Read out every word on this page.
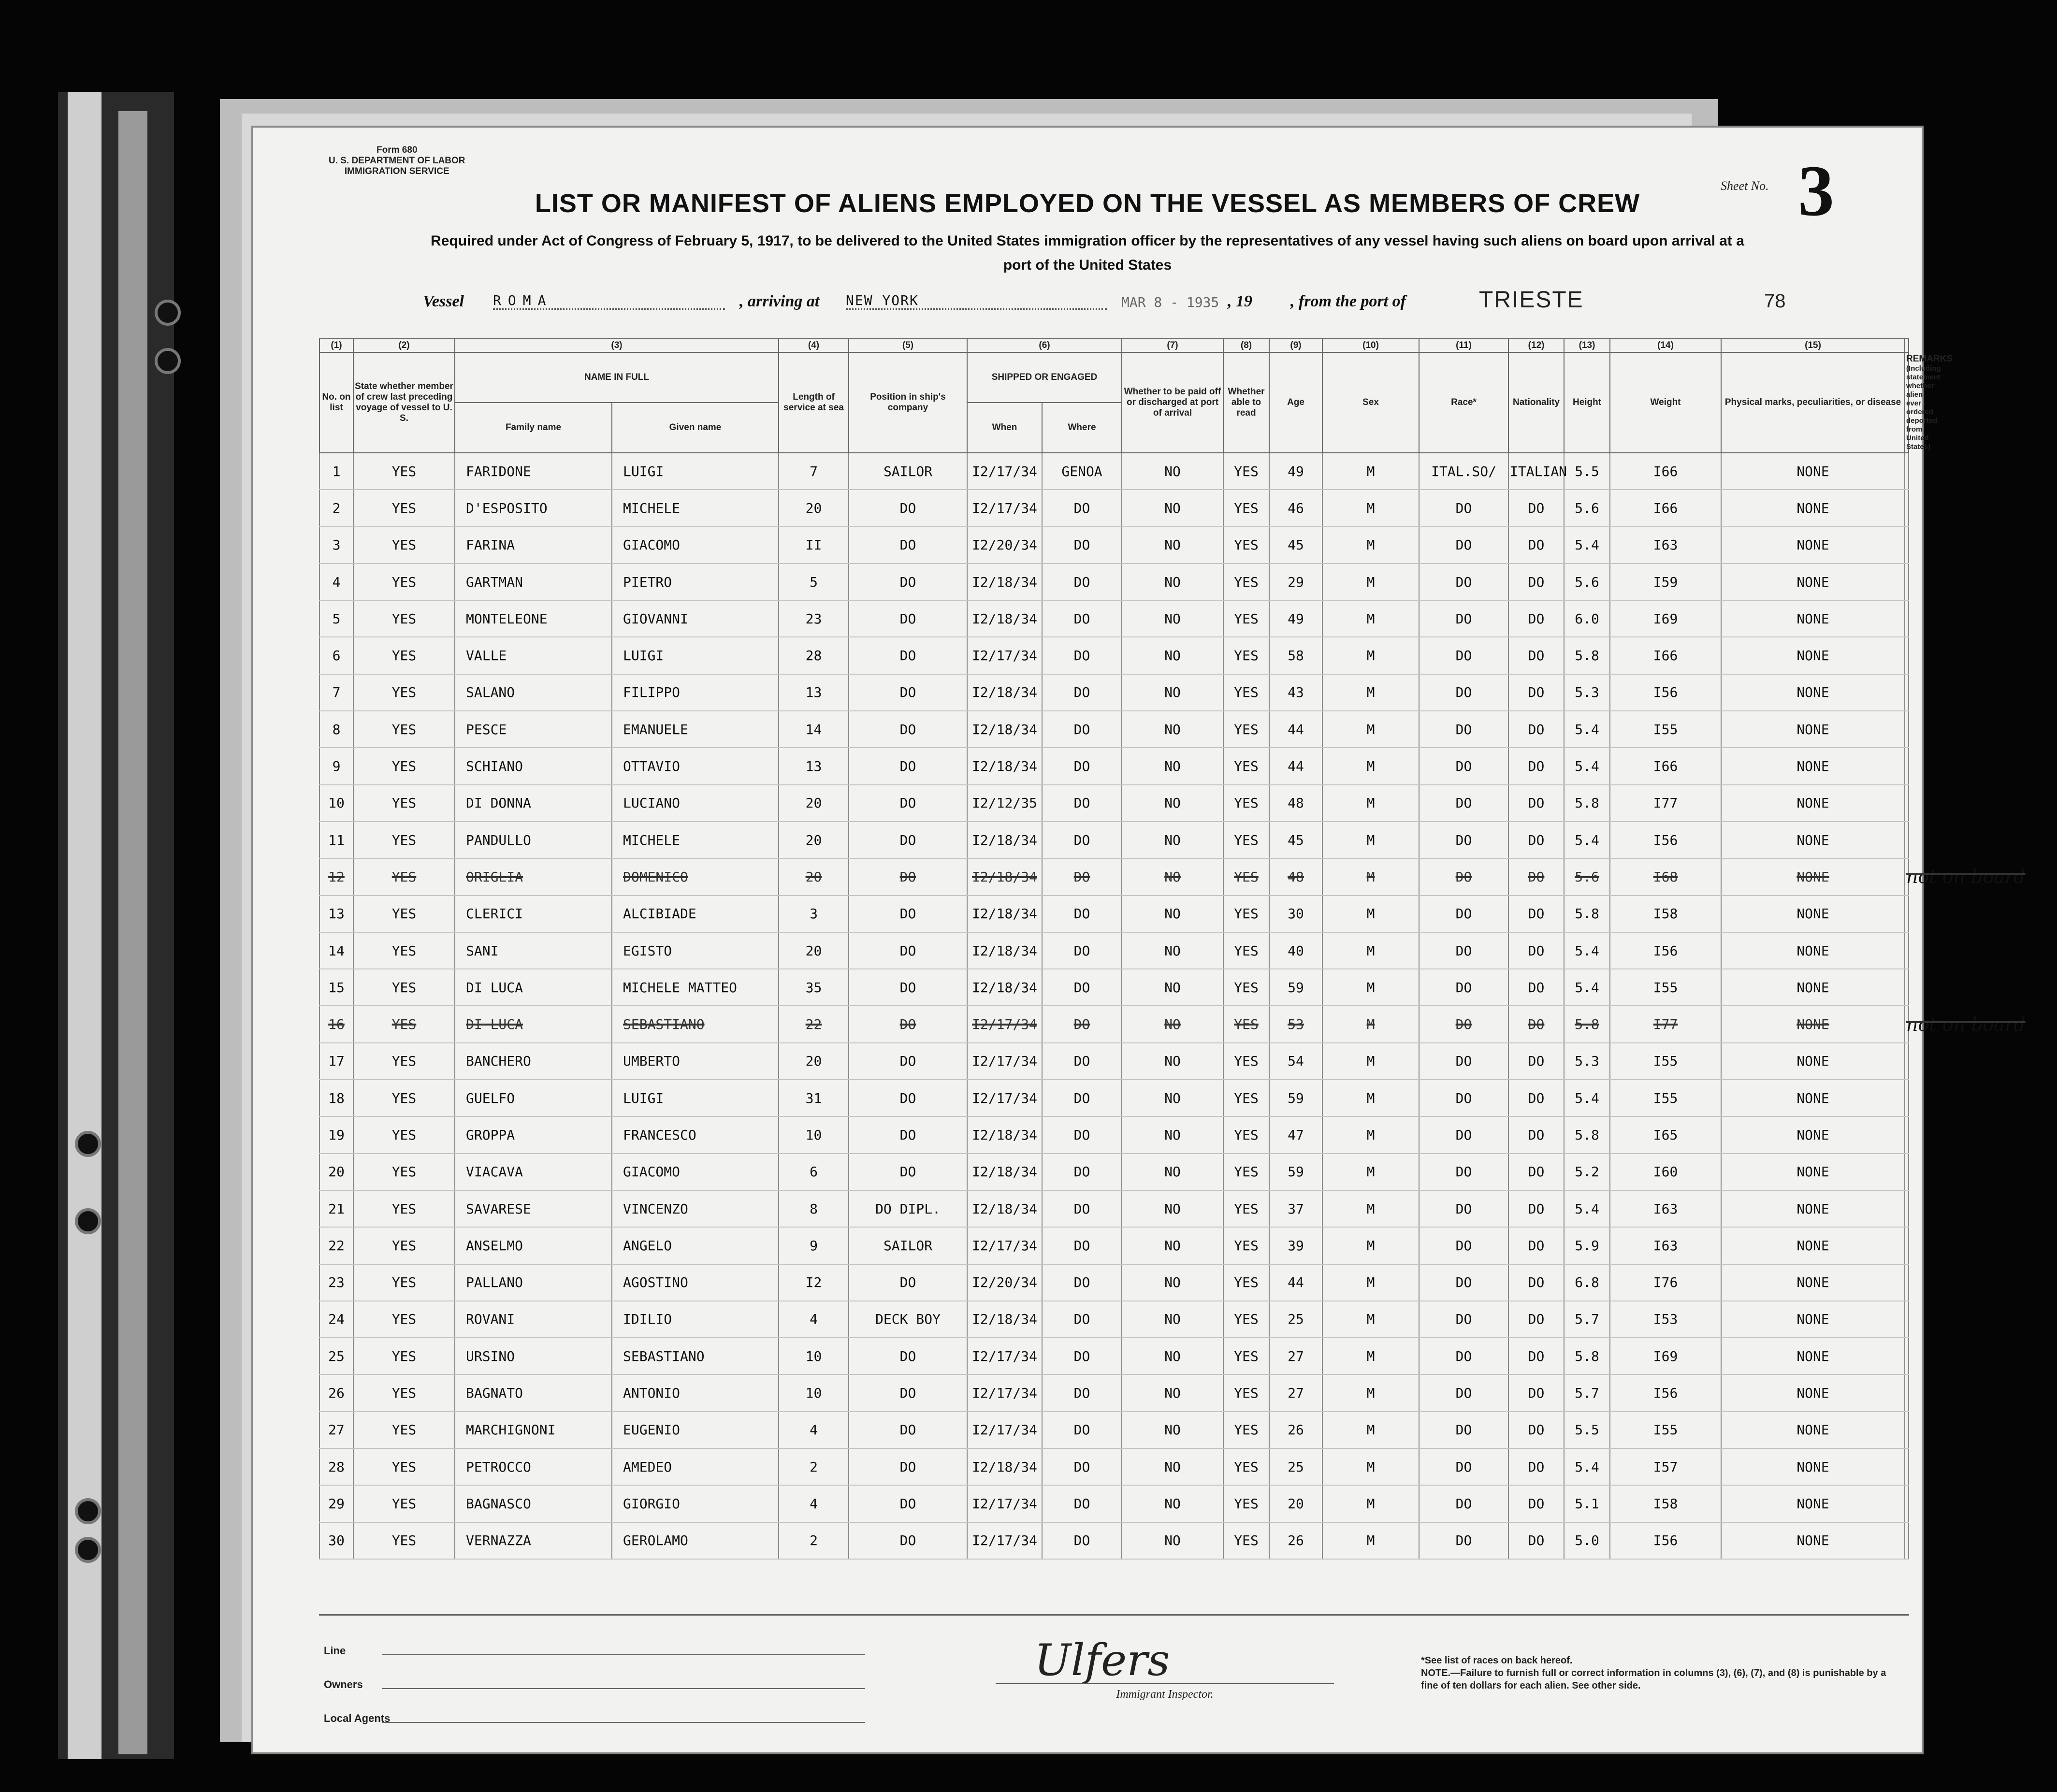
Form 680
U. S. DEPARTMENT OF LABOR
IMMIGRATION SERVICE
Sheet No. 3
LIST OR MANIFEST OF ALIENS EMPLOYED ON THE VESSEL AS MEMBERS OF CREW
Required under Act of Congress of February 5, 1917, to be delivered to the United States immigration officer by the representatives of any vessel having such aliens on board upon arrival at a
port of the United States
Vessel ROMA	, arriving at NEW YORK	MAR 8 - 1935 , 19 , from the port of	TRIESTE	78
(1)	(2)	(3)		(4)	(5)	(6)		(7)	(8)	(9)	(10)	(11)	(12)	(13)	(14)	(15)	
No. on list	State whether member of crew last preceding voyage of vessel to U. S.	NAME IN FULL		Length of service at sea	Position in ship's company	SHIPPED OR ENGAGED		Whether to be paid off or discharged at port of arrival	Whether able to read	Age	Sex	Race*	Nationality	Height	Weight	Physical marks, peculiarities, or disease	REMARKS
(Including statement whether alien ever ordered deported from United States)

		Family name	Given name			When	Where										
1	YES	FARIDONE	LUIGI	7	SAILOR	I2/17/34	GENOA	NO	YES	49	M	ITAL.SO/	ITALIAN	5.5	I66	NONE	
2	YES	D'ESPOSITO	MICHELE	20	DO	I2/17/34	DO	NO	YES	46	M	DO	DO	5.6	I66	NONE	
3	YES	FARINA	GIACOMO	II	DO	I2/20/34	DO	NO	YES	45	M	DO	DO	5.4	I63	NONE	
4	YES	GARTMAN	PIETRO	5	DO	I2/18/34	DO	NO	YES	29	M	DO	DO	5.6	I59	NONE	
5	YES	MONTELEONE	GIOVANNI	23	DO	I2/18/34	DO	NO	YES	49	M	DO	DO	6.0	I69	NONE	
6	YES	VALLE	LUIGI	28	DO	I2/17/34	DO	NO	YES	58	M	DO	DO	5.8	I66	NONE	
7	YES	SALANO	FILIPPO	13	DO	I2/18/34	DO	NO	YES	43	M	DO	DO	5.3	I56	NONE	
8	YES	PESCE	EMANUELE	14	DO	I2/18/34	DO	NO	YES	44	M	DO	DO	5.4	I55	NONE	
9	YES	SCHIANO	OTTAVIO	13	DO	I2/18/34	DO	NO	YES	44	M	DO	DO	5.4	I66	NONE	
10	YES	DI DONNA	LUCIANO	20	DO	I2/12/35	DO	NO	YES	48	M	DO	DO	5.8	I77	NONE	
11	YES	PANDULLO	MICHELE	20	DO	I2/18/34	DO	NO	YES	45	M	DO	DO	5.4	I56	NONE	
12	YES	ORIGLIA	DOMENICO	20	DO	I2/18/34	DO	NO	YES	48	M	DO	DO	5.6	I68	NONE	not on board
13	YES	CLERICI	ALCIBIADE	3	DO	I2/18/34	DO	NO	YES	30	M	DO	DO	5.8	I58	NONE	
14	YES	SANI	EGISTO	20	DO	I2/18/34	DO	NO	YES	40	M	DO	DO	5.4	I56	NONE	
15	YES	DI LUCA	MICHELE MATTEO	35	DO	I2/18/34	DO	NO	YES	59	M	DO	DO	5.4	I55	NONE	
16	YES	DI LUCA	SEBASTIANO	22	DO	I2/17/34	DO	NO	YES	53	M	DO	DO	5.8	I77	NONE	not on board
17	YES	BANCHERO	UMBERTO	20	DO	I2/17/34	DO	NO	YES	54	M	DO	DO	5.3	I55	NONE	
18	YES	GUELFO	LUIGI	31	DO	I2/17/34	DO	NO	YES	59	M	DO	DO	5.4	I55	NONE	
19	YES	GROPPA	FRANCESCO	10	DO	I2/18/34	DO	NO	YES	47	M	DO	DO	5.8	I65	NONE	
20	YES	VIACAVA	GIACOMO	6	DO	I2/18/34	DO	NO	YES	59	M	DO	DO	5.2	I60	NONE	
21	YES	SAVARESE	VINCENZO	8	DO DIPL.	I2/18/34	DO	NO	YES	37	M	DO	DO	5.4	I63	NONE	
22	YES	ANSELMO	ANGELO	9	SAILOR	I2/17/34	DO	NO	YES	39	M	DO	DO	5.9	I63	NONE	
23	YES	PALLANO	AGOSTINO	I2	DO	I2/20/34	DO	NO	YES	44	M	DO	DO	6.8	I76	NONE	
24	YES	ROVANI	IDILIO	4	DECK BOY	I2/18/34	DO	NO	YES	25	M	DO	DO	5.7	I53	NONE	
25	YES	URSINO	SEBASTIANO	10	DO	I2/17/34	DO	NO	YES	27	M	DO	DO	5.8	I69	NONE	
26	YES	BAGNATO	ANTONIO	10	DO	I2/17/34	DO	NO	YES	27	M	DO	DO	5.7	I56	NONE	
27	YES	MARCHIGNONI	EUGENIO	4	DO	I2/17/34	DO	NO	YES	26	M	DO	DO	5.5	I55	NONE	
28	YES	PETROCCO	AMEDEO	2	DO	I2/18/34	DO	NO	YES	25	M	DO	DO	5.4	I57	NONE	
29	YES	BAGNASCO	GIORGIO	4	DO	I2/17/34	DO	NO	YES	20	M	DO	DO	5.1	I58	NONE	
30	YES	VERNAZZA	GEROLAMO	2	DO	I2/17/34	DO	NO	YES	26	M	DO	DO	5.0	I56	NONE	
Line
Owners
Local Agents
Ulfers
Immigrant Inspector.
*See list of races on back hereof.
NOTE.—Failure to furnish full or correct information in columns (3), (6), (7), and (8) is punishable by a fine of ten dollars for each alien. See other side.
